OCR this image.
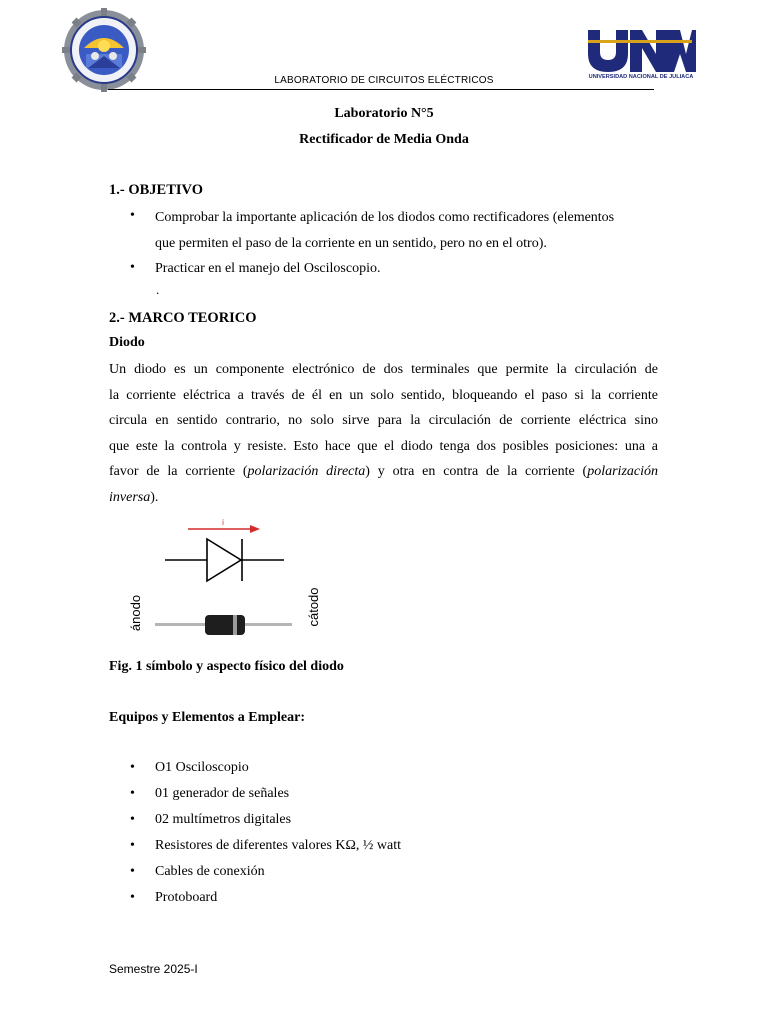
UNIVERSIDAD NACIONAL DE JULIACA
LABORATORIO DE CIRCUITOS ELÉCTRICOS
Laboratorio N°5
Rectificador de Media Onda
1.- OBJETIVO
• Comprobar la importante aplicación de los diodos como rectificadores (elementos
que permiten el paso de la corriente en un sentido, pero no en el otro).
• Practicar en el manejo del Osciloscopio.
.
2.- MARCO TEORICO
Diodo
Un diodo es un componente electrónico de dos terminales que permite la circulación de
la corriente eléctrica a través de él en un solo sentido, bloqueando el paso si la corriente
circula en sentido contrario, no solo sirve para la circulación de corriente eléctrica sino
que este la controla y resiste. Esto hace que el diodo tenga dos posibles posiciones: una a
favor de la corriente (polarización directa) y otra en contra de la corriente (polarización
inversa).
i
ánodo	cátodo
Fig. 1 símbolo y aspecto físico del diodo
Equipos y Elementos a Emplear:
• O1 Osciloscopio
• 01 generador de señales
• 02 multímetros digitales
• Resistores de diferentes valores KΩ, ½ watt
• Cables de conexión
• Protoboard
Semestre 2025-I
